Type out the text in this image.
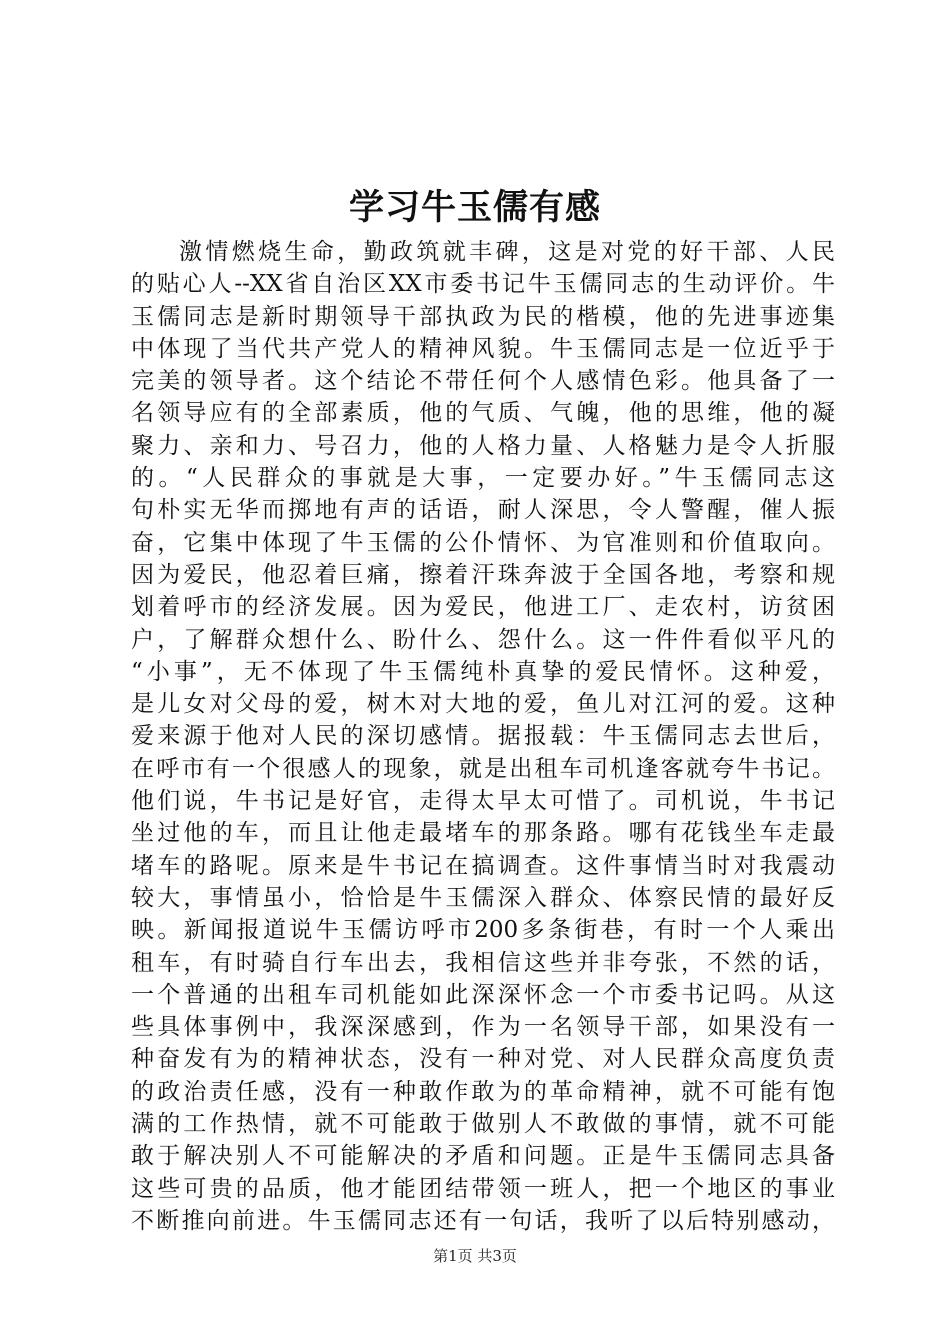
学习牛玉儒有感
激情燃烧生命，勤政筑就丰碑，这是对党的好干部、人民
的贴心人--XX省自治区XX市委书记牛玉儒同志的生动评价。牛
玉儒同志是新时期领导干部执政为民的楷模，他的先进事迹集
中体现了当代共产党人的精神风貌。牛玉儒同志是一位近乎于
完美的领导者。这个结论不带任何个人感情色彩。他具备了一
名领导应有的全部素质，他的气质、气魄，他的思维，他的凝
聚力、亲和力、号召力，他的人格力量、人格魅力是令人折服
的。“人民群众的事就是大事，一定要办好。”牛玉儒同志这
句朴实无华而掷地有声的话语，耐人深思，令人警醒，催人振
奋，它集中体现了牛玉儒的公仆情怀、为官准则和价值取向。
因为爱民，他忍着巨痛，擦着汗珠奔波于全国各地，考察和规
划着呼市的经济发展。因为爱民，他进工厂、走农村，访贫困
户，了解群众想什么、盼什么、怨什么。这一件件看似平凡的
“小事”，无不体现了牛玉儒纯朴真挚的爱民情怀。这种爱，
是儿女对父母的爱，树木对大地的爱，鱼儿对江河的爱。这种
爱来源于他对人民的深切感情。据报载：牛玉儒同志去世后，
在呼市有一个很感人的现象，就是出租车司机逢客就夸牛书记。
他们说，牛书记是好官，走得太早太可惜了。司机说，牛书记
坐过他的车，而且让他走最堵车的那条路。哪有花钱坐车走最
堵车的路呢。原来是牛书记在搞调查。这件事情当时对我震动
较大，事情虽小，恰恰是牛玉儒深入群众、体察民情的最好反
映。新闻报道说牛玉儒访呼市200多条街巷，有时一个人乘出
租车，有时骑自行车出去，我相信这些并非夸张，不然的话，
一个普通的出租车司机能如此深深怀念一个市委书记吗。从这
些具体事例中，我深深感到，作为一名领导干部，如果没有一
种奋发有为的精神状态，没有一种对党、对人民群众高度负责
的政治责任感，没有一种敢作敢为的革命精神，就不可能有饱
满的工作热情，就不可能敢于做别人不敢做的事情，就不可能
敢于解决别人不可能解决的矛盾和问题。正是牛玉儒同志具备
这些可贵的品质，他才能团结带领一班人，把一个地区的事业
不断推向前进。牛玉儒同志还有一句话，我听了以后特别感动，
第1页 共3页
